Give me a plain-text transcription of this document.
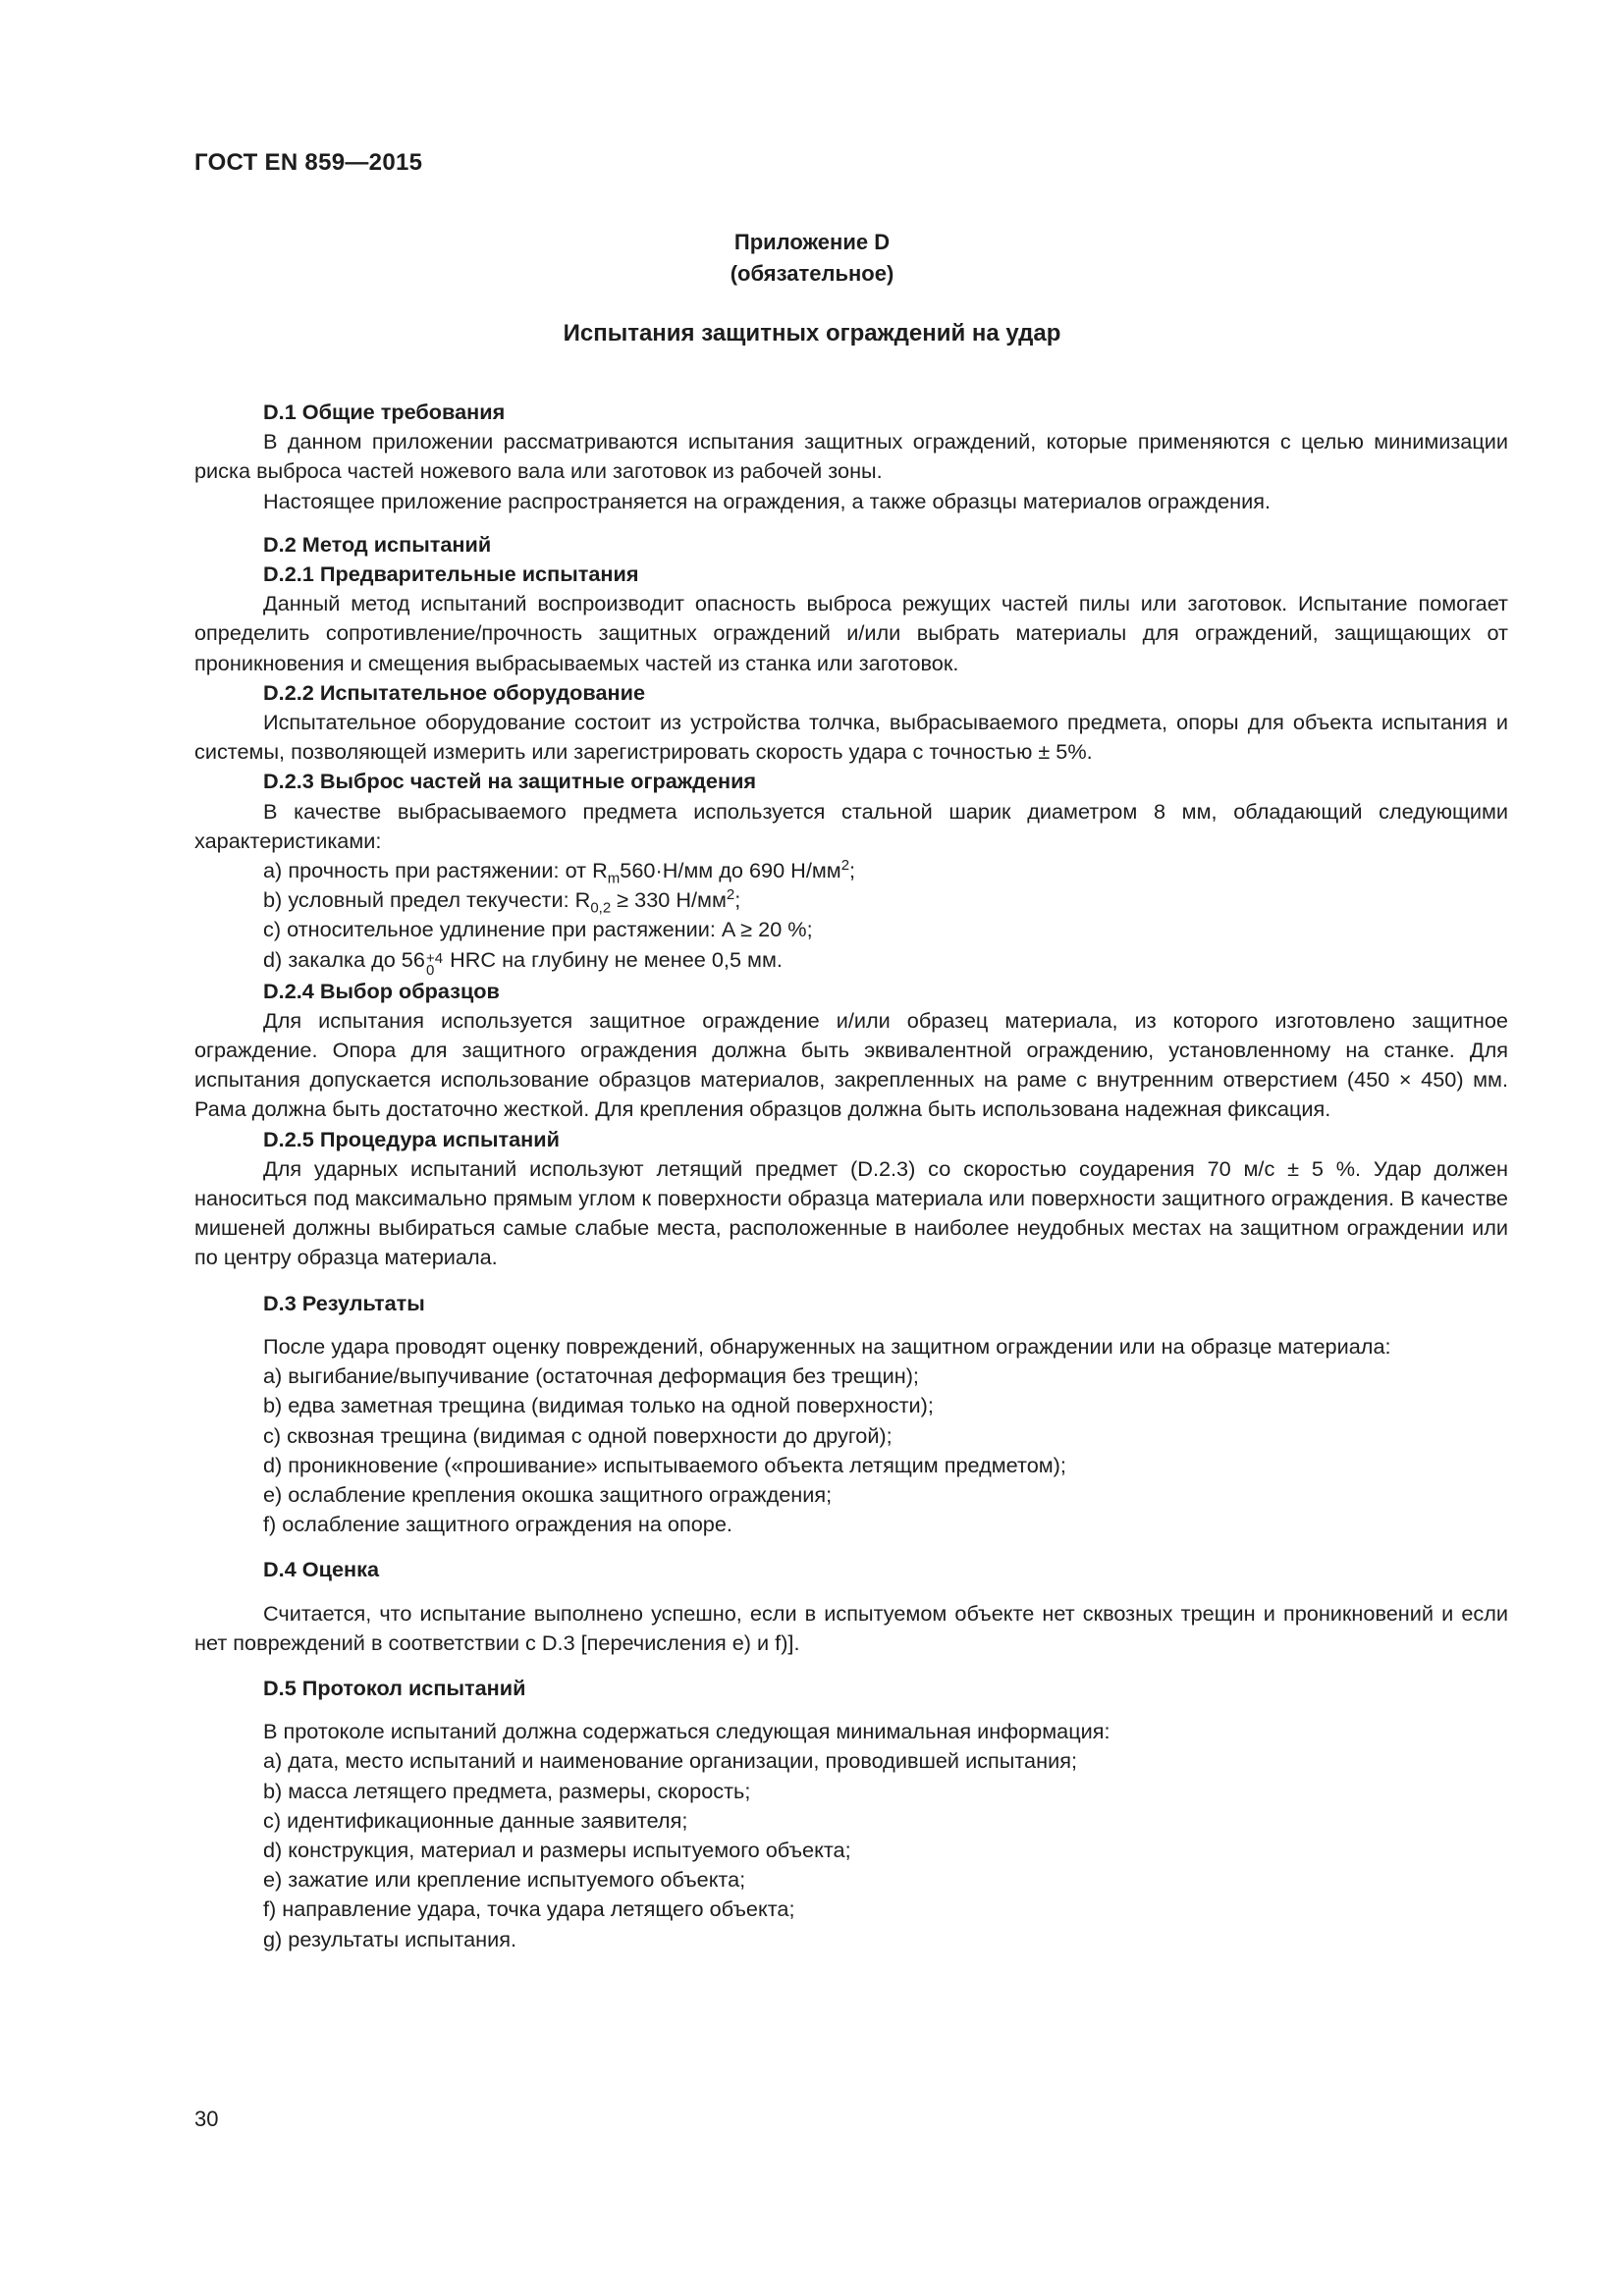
ГОСТ EN 859—2015
Приложение D
(обязательное)
Испытания защитных ограждений на удар

D.1 Общие требования

В данном приложении рассматриваются испытания защитных ограждений, которые применяются с целью минимизации риска выброса частей ножевого вала или заготовок из рабочей зоны.

Настоящее приложение распространяется на ограждения, а также образцы материалов ограждения.

D.2 Метод испытаний

D.2.1 Предварительные испытания

Данный метод испытаний воспроизводит опасность выброса режущих частей пилы или заготовок. Испытание помогает определить сопротивление/прочность защитных ограждений и/или выбрать материалы для ограждений, защищающих от проникновения и смещения выбрасываемых частей из станка или заготовок.

D.2.2 Испытательное оборудование

Испытательное оборудование состоит из устройства толчка, выбрасываемого предмета, опоры для объекта испытания и системы, позволяющей измерить или зарегистрировать скорость удара с точностью ± 5%.

D.2.3 Выброс частей на защитные ограждения

В качестве выбрасываемого предмета используется стальной шарик диаметром 8 мм, обладающий следующими характеристиками:

a) прочность при растяжении: от $R_m560\cdot Н/мм$ до 690 $Н/мм^2$;

b) условный предел текучести: $R_{0,2} \ge 330$ $Н/мм^2$;

c) относительное удлинение при растяжении: A ≥ 20 %;

d) закалка до 56 +4
0 HRC на глубину не менее 0,5 мм.

D.2.4 Выбор образцов

Для испытания используется защитное ограждение и/или образец материала, из которого изготовлено защитное ограждение. Опора для защитного ограждения должна быть эквивалентной ограждению, установленному на станке. Для испытания допускается использование образцов материалов, закрепленных на раме с внутренним отверстием (450 × 450) мм. Рама должна быть достаточно жесткой. Для крепления образцов должна быть использована надежная фиксация.

D.2.5 Процедура испытаний

Для ударных испытаний используют летящий предмет (D.2.3) со скоростью соударения 70 м/с ± 5 %. Удар должен наноситься под максимально прямым углом к поверхности образца материала или поверхности защитного ограждения. В качестве мишеней должны выбираться самые слабые места, расположенные в наиболее неудобных местах на защитном ограждении или по центру образца материала.

D.3 Результаты

После удара проводят оценку повреждений, обнаруженных на защитном ограждении или на образце материала:

a) выгибание/выпучивание (остаточная деформация без трещин);

b) едва заметная трещина (видимая только на одной поверхности);

c) сквозная трещина (видимая с одной поверхности до другой);

d) проникновение («прошивание» испытываемого объекта летящим предметом);

e) ослабление крепления окошка защитного ограждения;

f) ослабление защитного ограждения на опоре.

D.4 Оценка

Считается, что испытание выполнено успешно, если в испытуемом объекте нет сквозных трещин и проникновений и если нет повреждений в соответствии с D.3 [перечисления e) и f)].

D.5 Протокол испытаний

В протоколе испытаний должна содержаться следующая минимальная информация:

a) дата, место испытаний и наименование организации, проводившей испытания;

b) масса летящего предмета, размеры, скорость;

c) идентификационные данные заявителя;

d) конструкция, материал и размеры испытуемого объекта;

e) зажатие или крепление испытуемого объекта;

f) направление удара, точка удара летящего объекта;

g) результаты испытания.

30
